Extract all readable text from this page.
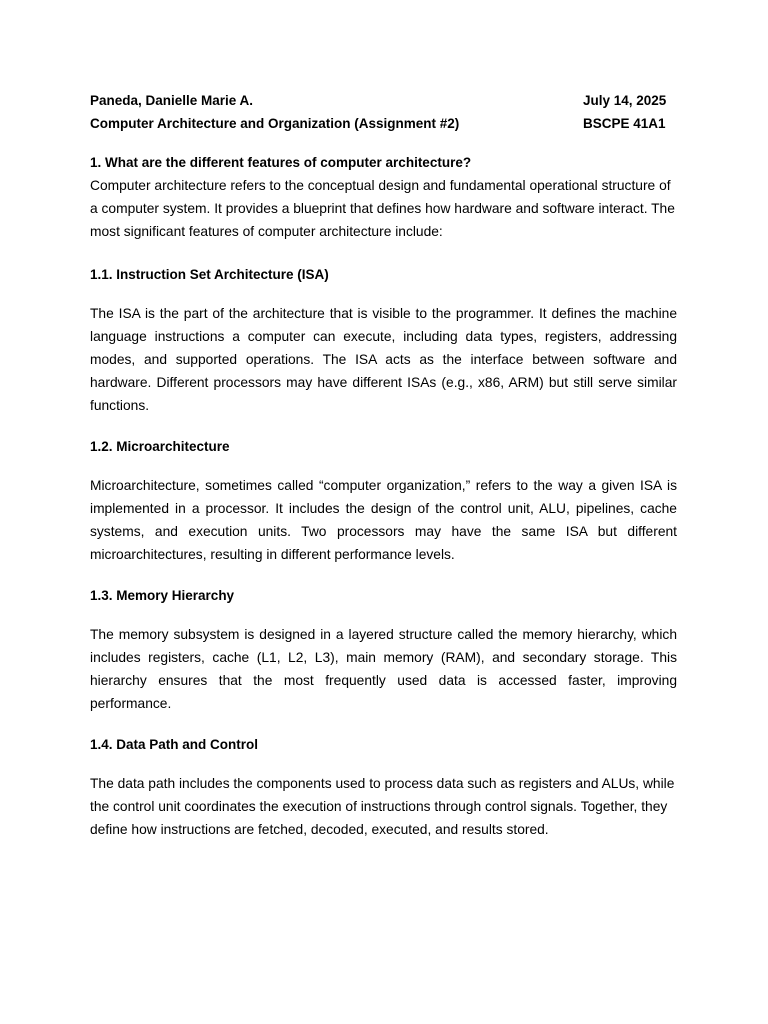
Paneda, Danielle Marie A.	July 14, 2025
Computer Architecture and Organization (Assignment #2)	BSCPE 41A1
1. What are the different features of computer architecture?

Computer architecture refers to the conceptual design and fundamental operational structure of a computer system. It provides a blueprint that defines how hardware and software interact. The most significant features of computer architecture include:

1.1. Instruction Set Architecture (ISA)

The ISA is the part of the architecture that is visible to the programmer. It defines the machine language instructions a computer can execute, including data types, registers, addressing modes, and supported operations. The ISA acts as the interface between software and hardware. Different processors may have different ISAs (e.g., x86, ARM) but still serve similar functions.

1.2. Microarchitecture

Microarchitecture, sometimes called “computer organization,” refers to the way a given ISA is implemented in a processor. It includes the design of the control unit, ALU, pipelines, cache systems, and execution units. Two processors may have the same ISA but different microarchitectures, resulting in different performance levels.

1.3. Memory Hierarchy

The memory subsystem is designed in a layered structure called the memory hierarchy, which includes registers, cache (L1, L2, L3), main memory (RAM), and secondary storage. This hierarchy ensures that the most frequently used data is accessed faster, improving performance.

1.4. Data Path and Control

The data path includes the components used to process data such as registers and ALUs, while the control unit coordinates the execution of instructions through control signals. Together, they define how instructions are fetched, decoded, executed, and results stored.
